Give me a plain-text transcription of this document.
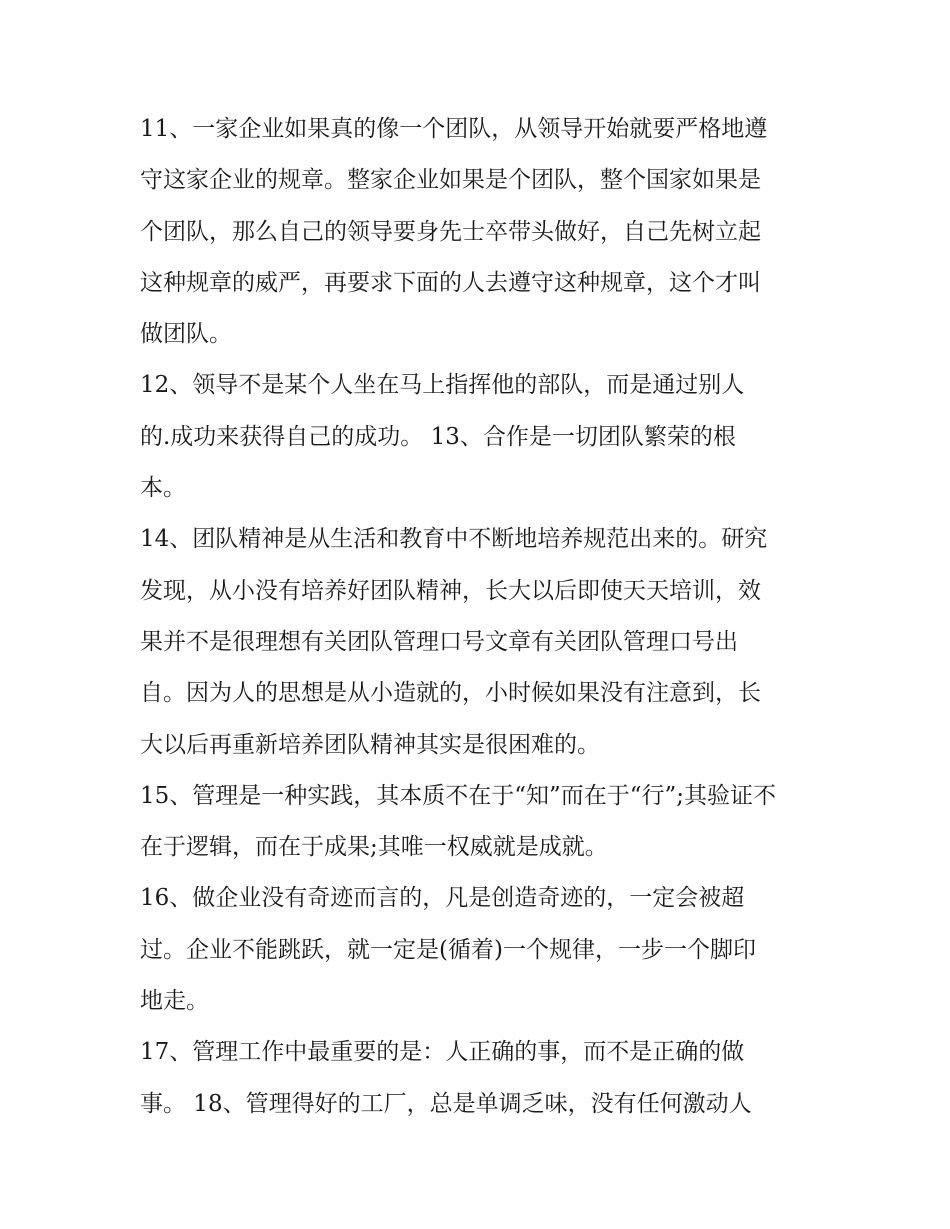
11、一家企业如果真的像一个团队，从领导开始就要严格地遵
守这家企业的规章。整家企业如果是个团队，整个国家如果是
个团队，那么自己的领导要身先士卒带头做好，自己先树立起
这种规章的威严，再要求下面的人去遵守这种规章，这个才叫
做团队。
12、领导不是某个人坐在马上指挥他的部队，而是通过别人
的.成功来获得自己的成功。 13、合作是一切团队繁荣的根
本。
14、团队精神是从生活和教育中不断地培养规范出来的。研究
发现，从小没有培养好团队精神，长大以后即使天天培训，效
果并不是很理想有关团队管理口号文章有关团队管理口号出
自。因为人的思想是从小造就的，小时候如果没有注意到，长
大以后再重新培养团队精神其实是很困难的。
15、管理是一种实践，其本质不在于“知”而在于“行”;其验证不
在于逻辑，而在于成果;其唯一权威就是成就。
16、做企业没有奇迹而言的，凡是创造奇迹的，一定会被超
过。企业不能跳跃，就一定是(循着)一个规律，一步一个脚印
地走。
17、管理工作中最重要的是：人正确的事，而不是正确的做
事。 18、管理得好的工厂，总是单调乏味，没有任何激动人
